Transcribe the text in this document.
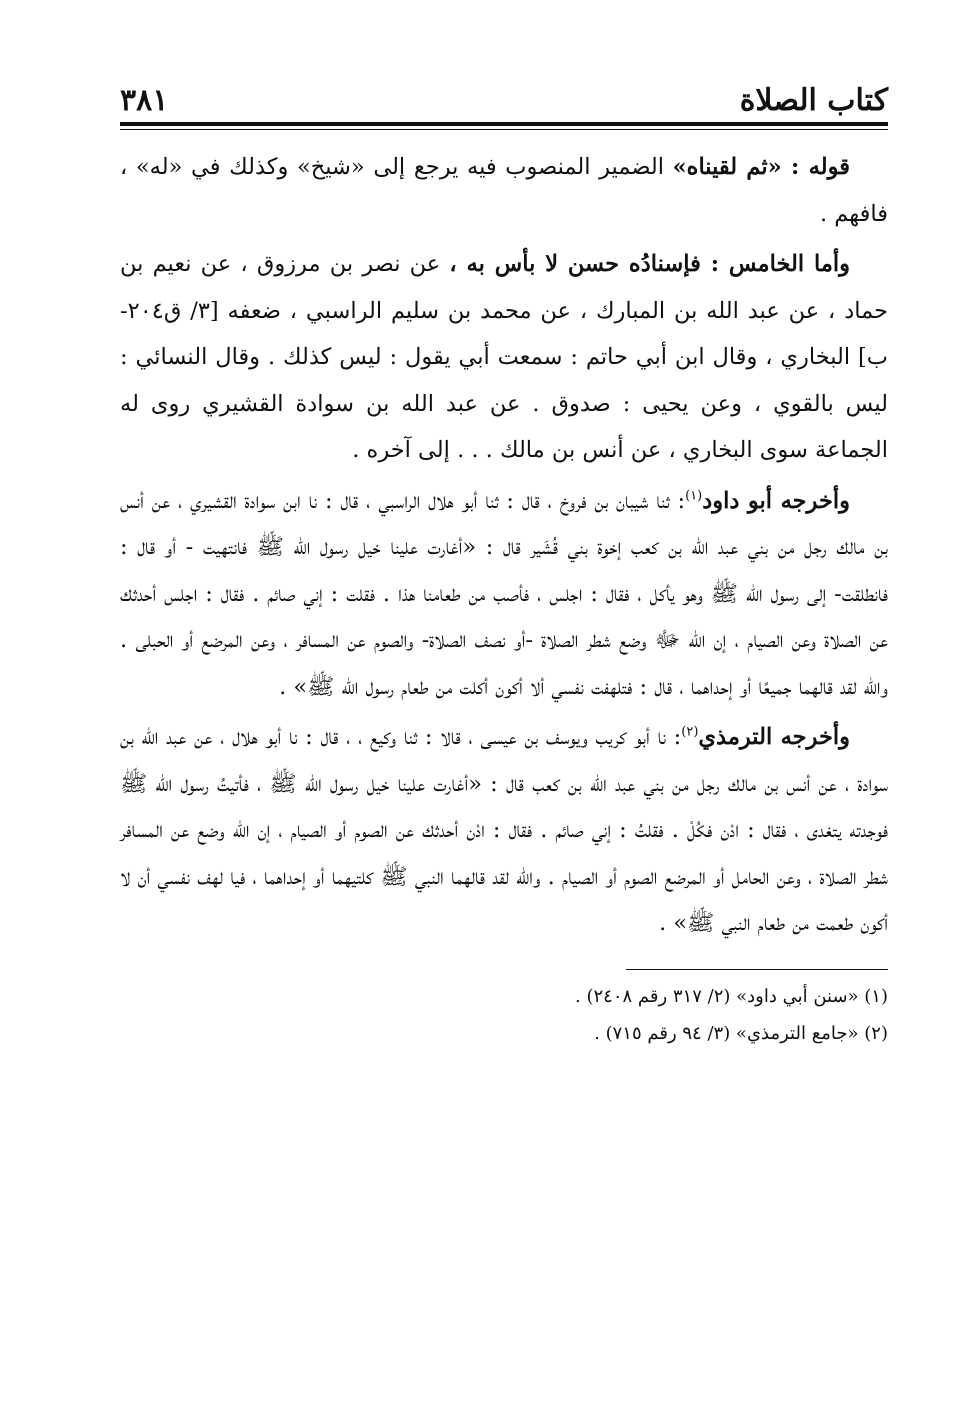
كتاب الصلاة
٣٨١

قوله : «ثم لقيناه» الضمير المنصوب فيه يرجع إلى «شيخ» وكذلك في «له» ، فافهم .

وأما الخامس : فإسنادُه حسن لا بأس به ، عن نصر بن مرزوق ، عن نعيم بن حماد ، عن عبد الله بن المبارك ، عن محمد بن سليم الراسبي ، ضعفه [٣/ ق٢٠٤-ب] البخاري ، وقال ابن أبي حاتم : سمعت أبي يقول : ليس كذلك . وقال النسائي : ليس بالقوي ، وعن يحيى : صدوق . عن عبد الله بن سوادة القشيري روى له الجماعة سوى البخاري ، عن أنس بن مالك . . . إلى آخره .

وأخرجه أبو داود$^{(١)}$: ثنا شيبان بن فروخ ، قال : ثنا أبو هلال الراسبي ، قال : نا ابن سوادة القشيري ، عن أنس بن مالك رجل من بني عبد الله بن كعب إخوة بني قُشَير قال : «أغارت علينا خيل رسول الله ﷺ فانتهيت - أو قال : فانطلقت- إلى رسول الله ﷺ وهو يأكل ، فقال : اجلس ، فأصب من طعامنا هذا . فقلت : إني صائم . فقال : اجلس أحدثك عن الصلاة وعن الصيام ، إن الله ﷻ وضع شطر الصلاة -أو نصف الصلاة- والصوم عن المسافر ، وعن المرضع أو الحبلى . والله لقد قالهما جميعًا أو إحداهما ، قال : فتلهفت نفسي ألا أكون أكلت من طعام رسول الله ﷺ» .

وأخرجه الترمذي$^{(٢)}$: نا أبو كريب ويوسف بن عيسى ، قالا : ثنا وكيع ، ، قال : نا أبو هلال ، عن عبد الله بن سوادة ، عن أنس بن مالك رجل من بني عبد الله بن كعب قال : «أغارت علينا خيل رسول الله ﷺ ، فأتيتُ رسول الله ﷺ فوجدته يتغدى ، فقال : ادْن فكُلْ . فقلتُ : إني صائم . فقال : ادْن أحدثك عن الصوم أو الصيام ، إن الله وضع عن المسافر شطر الصلاة ، وعن الحامل أو المرضع الصوم أو الصيام . والله لقد قالهما النبي ﷺ كلتيهما أو إحداهما ، فيا لهف نفسي أن لا أكون طعمت من طعام النبي ﷺ» .

(١) «سنن أبي داود» (٢/ ٣١٧ رقم ٢٤٠٨) .

(٢) «جامع الترمذي» (٣/ ٩٤ رقم ٧١٥) .
